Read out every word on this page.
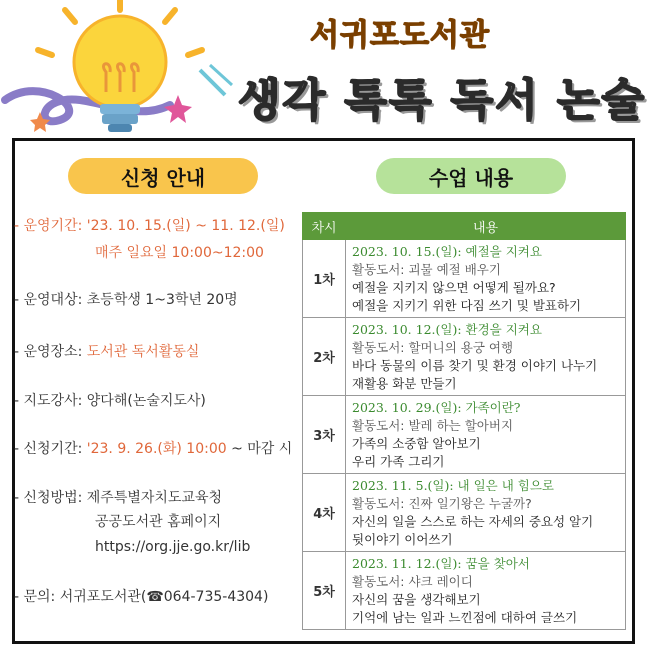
서귀포도서관
생각 톡톡 독서 논술
신청 안내	수업 내용
- 운영기간: '23. 10. 15.(일) ~ 11. 12.(일)
매주 일요일 10:00~12:00
- 운영대상: 초등학생 1~3학년 20명
- 운영장소: 도서관 독서활동실
- 지도강사: 양다해(논술지도사)
- 신청기간: '23. 9. 26.(화) 10:00 ~ 마감 시
- 신청방법: 제주특별자치도교육청
공공도서관 홈페이지
https://org.jje.go.kr/lib
- 문의: 서귀포도서관(☎064-735-4304)
차시	내용
1차	2023. 10. 15.(일): 예절을 지켜요
활동도서: 괴물 예절 배우기
예절을 지키지 않으면 어떻게 될까요?
예절을 지키기 위한 다짐 쓰기 및 발표하기

2차	2023. 10. 12.(일): 환경을 지켜요
활동도서: 할머니의 용궁 여행
바다 동물의 이름 찾기 및 환경 이야기 나누기
재활용 화분 만들기

3차	2023. 10. 29.(일): 가족이란?
활동도서: 발레 하는 할아버지
가족의 소중함 알아보기
우리 가족 그리기

4차	2023. 11. 5.(일): 내 일은 내 힘으로
활동도서: 진짜 일기왕은 누굴까?
자신의 일을 스스로 하는 자세의 중요성 알기
뒷이야기 이어쓰기

5차	2023. 11. 12.(일): 꿈을 찾아서
활동도서: 샤크 레이디
자신의 꿈을 생각해보기
기억에 남는 일과 느낀점에 대하여 글쓰기
